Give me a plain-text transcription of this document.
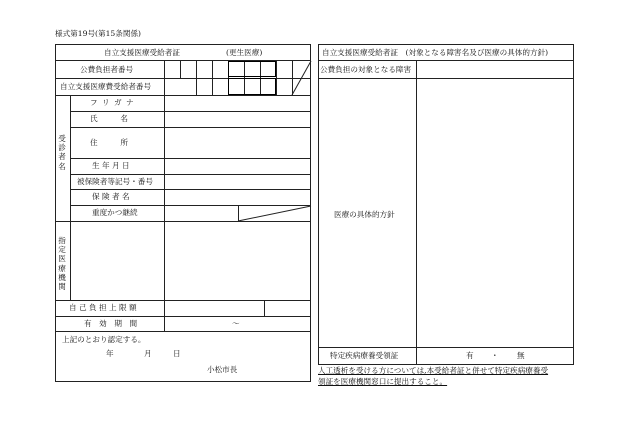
様式第19号(第15条関係)
自立支援医療受給者証	(更生医療)
公費負担者番号
自立支援医療費受給者番号
受診者名
フ リ ガ ナ
氏　　　名
住　　　所
生 年 月 日
被保険者等記号・番号
保 険 者 名
重度かつ継続
指定医療機関
自 己 負 担 上 限 額
有　効　期　間	〜
上記のとおり認定する。
年	月	日
小松市長
自立支援医療受給者証　(対象となる障害名及び医療の具体的方針)
公費負担の対象となる障害
医療の具体的方針
特定疾病療養受領証	有 ・ 無
人工透析を受ける方については,本受給者証と併せて特定疾病療養受
領証を医療機関窓口に提出すること。
